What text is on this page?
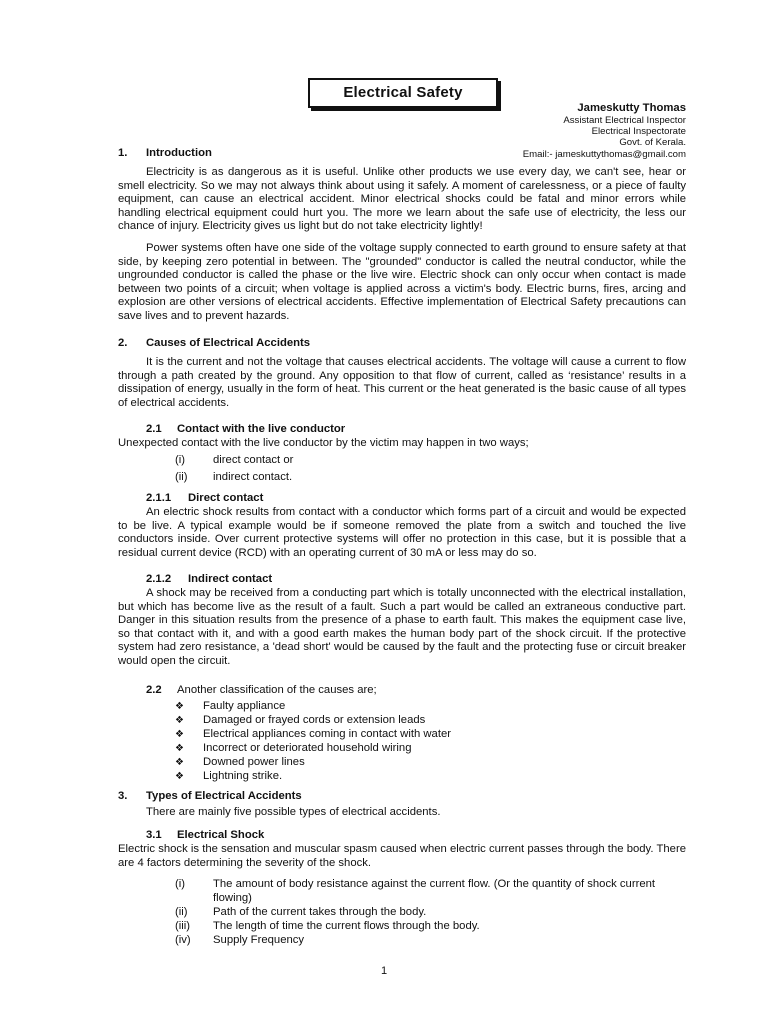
Electrical Safety
Jameskutty Thomas
Assistant Electrical Inspector
Electrical Inspectorate
Govt. of Kerala.
Email:- jameskuttythomas@gmail.com
1. Introduction
Electricity is as dangerous as it is useful. Unlike other products we use every day, we can't see, hear or smell electricity. So we may not always think about using it safely. A moment of carelessness, or a piece of faulty equipment, can cause an electrical accident. Minor electrical shocks could be fatal and minor errors while handling electrical equipment could hurt you. The more we learn about the safe use of electricity, the less our chance of injury. Electricity gives us light but do not take electricity lightly!
Power systems often have one side of the voltage supply connected to earth ground to ensure safety at that side, by keeping zero potential in between. The "grounded" conductor is called the neutral conductor, while the ungrounded conductor is called the phase or the live wire. Electric shock can only occur when contact is made between two points of a circuit; when voltage is applied across a victim's body. Electric burns, fires, arcing and explosion are other versions of electrical accidents. Effective implementation of Electrical Safety precautions can save lives and to prevent hazards.
2. Causes of Electrical Accidents
It is the current and not the voltage that causes electrical accidents. The voltage will cause a current to flow through a path created by the ground. Any opposition to that flow of current, called as ‘resistance’ results in a dissipation of energy, usually in the form of heat. This current or the heat generated is the basic cause of all types of electrical accidents.
2.1 Contact with the live conductor
Unexpected contact with the live conductor by the victim may happen in two ways;
(i) direct contact or
(ii) indirect contact.
2.1.1 Direct contact
An electric shock results from contact with a conductor which forms part of a circuit and would be expected to be live. A typical example would be if someone removed the plate from a switch and touched the live conductors inside. Over current protective systems will offer no protection in this case, but it is possible that a residual current device (RCD) with an operating current of 30 mA or less may do so.
2.1.2 Indirect contact
A shock may be received from a conducting part which is totally unconnected with the electrical installation, but which has become live as the result of a fault. Such a part would be called an extraneous conductive part. Danger in this situation results from the presence of a phase to earth fault. This makes the equipment case live, so that contact with it, and with a good earth makes the human body part of the shock circuit. If the protective system had zero resistance, a 'dead short' would be caused by the fault and the protecting fuse or circuit breaker would open the circuit.
2.2 Another classification of the causes are;
❖ Faulty appliance
❖ Damaged or frayed cords or extension leads
❖ Electrical appliances coming in contact with water
❖ Incorrect or deteriorated household wiring
❖ Downed power lines
❖ Lightning strike.
3. Types of Electrical Accidents
There are mainly five possible types of electrical accidents.
3.1 Electrical Shock
Electric shock is the sensation and muscular spasm caused when electric current passes through the body. There are 4 factors determining the severity of the shock.
(i) The amount of body resistance against the current flow. (Or the quantity of shock current flowing)
(ii) Path of the current takes through the body.
(iii) The length of time the current flows through the body.
(iv) Supply Frequency
1
